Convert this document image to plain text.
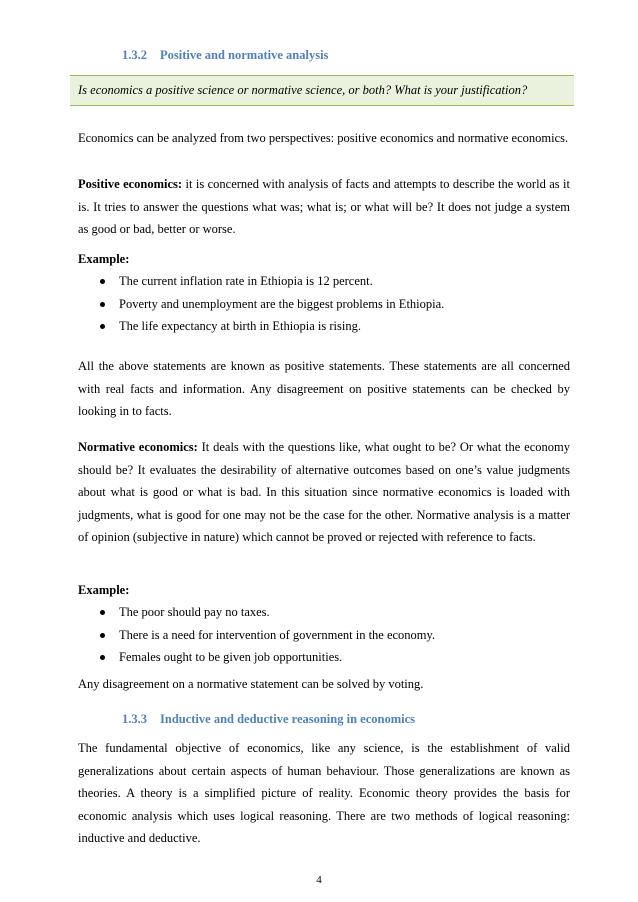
1.3.2 Positive and normative analysis
Is economics a positive science or normative science, or both? What is your justification?

Economics can be analyzed from two perspectives: positive economics and normative economics.

Positive economics: it is concerned with analysis of facts and attempts to describe the world as it is. It tries to answer the questions what was; what is; or what will be? It does not judge a system as good or bad, better or worse.

Example:
The current inflation rate in Ethiopia is 12 percent.
Poverty and unemployment are the biggest problems in Ethiopia.
The life expectancy at birth in Ethiopia is rising.

All the above statements are known as positive statements. These statements are all concerned with real facts and information. Any disagreement on positive statements can be checked by looking in to facts.

Normative economics: It deals with the questions like, what ought to be? Or what the economy should be? It evaluates the desirability of alternative outcomes based on one’s value judgments about what is good or what is bad. In this situation since normative economics is loaded with judgments, what is good for one may not be the case for the other. Normative analysis is a matter of opinion (subjective in nature) which cannot be proved or rejected with reference to facts.

Example:
The poor should pay no taxes.
There is a need for intervention of government in the economy.
Females ought to be given job opportunities.

Any disagreement on a normative statement can be solved by voting.

1.3.3 Inductive and deductive reasoning in economics

The fundamental objective of economics, like any science, is the establishment of valid generalizations about certain aspects of human behaviour. Those generalizations are known as theories. A theory is a simplified picture of reality. Economic theory provides the basis for economic analysis which uses logical reasoning. There are two methods of logical reasoning: inductive and deductive.

4
